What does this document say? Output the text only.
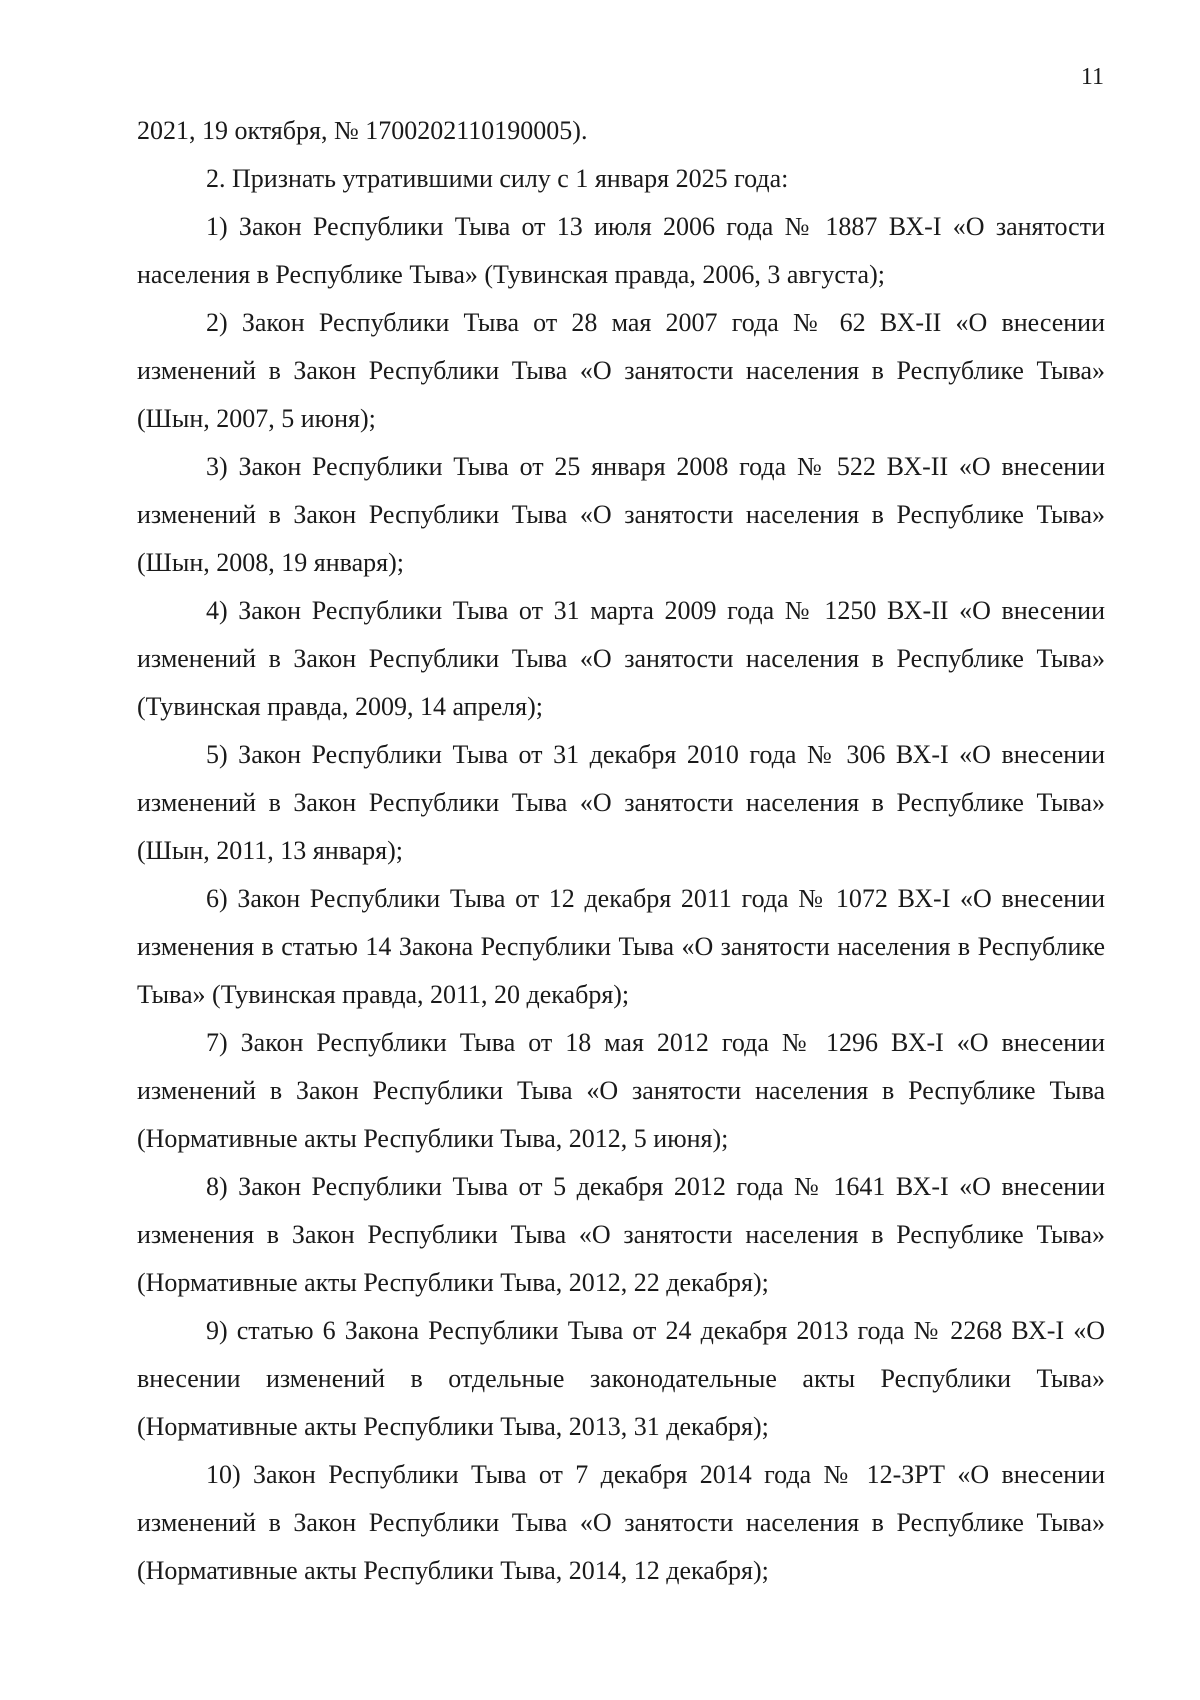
11

2021, 19 октября, № 1700202110190005).

2. Признать утратившими силу с 1 января 2025 года:

1) Закон Республики Тыва от 13 июля 2006 года № 1887 ВХ-I «О занятости населения в Республике Тыва» (Тувинская правда, 2006, 3 августа);

2) Закон Республики Тыва от 28 мая 2007 года № 62 ВХ-II «О внесении изменений в Закон Республики Тыва «О занятости населения в Республике Тыва» (Шын, 2007, 5 июня);

3) Закон Республики Тыва от 25 января 2008 года № 522 ВХ-II «О внесении изменений в Закон Республики Тыва «О занятости населения в Республике Тыва» (Шын, 2008, 19 января);

4) Закон Республики Тыва от 31 марта 2009 года № 1250 ВХ-II «О внесении изменений в Закон Республики Тыва «О занятости населения в Республике Тыва» (Тувинская правда, 2009, 14 апреля);

5) Закон Республики Тыва от 31 декабря 2010 года № 306 ВХ-I «О внесении изменений в Закон Республики Тыва «О занятости населения в Республике Тыва» (Шын, 2011, 13 января);

6) Закон Республики Тыва от 12 декабря 2011 года № 1072 ВХ-I «О внесении изменения в статью 14 Закона Республики Тыва «О занятости населения в Республике Тыва» (Тувинская правда, 2011, 20 декабря);

7) Закон Республики Тыва от 18 мая 2012 года № 1296 ВХ-I «О внесении изменений в Закон Республики Тыва «О занятости населения в Республике Тыва (Нормативные акты Республики Тыва, 2012, 5 июня);

8) Закон Республики Тыва от 5 декабря 2012 года № 1641 ВХ-I «О внесении изменения в Закон Республики Тыва «О занятости населения в Республике Тыва» (Нормативные акты Республики Тыва, 2012, 22 декабря);

9) статью 6 Закона Республики Тыва от 24 декабря 2013 года № 2268 ВХ-I «О внесении изменений в отдельные законодательные акты Республики Тыва» (Нормативные акты Республики Тыва, 2013, 31 декабря);

10) Закон Республики Тыва от 7 декабря 2014 года № 12-ЗРТ «О внесении изменений в Закон Республики Тыва «О занятости населения в Республике Тыва» (Нормативные акты Республики Тыва, 2014, 12 декабря);
